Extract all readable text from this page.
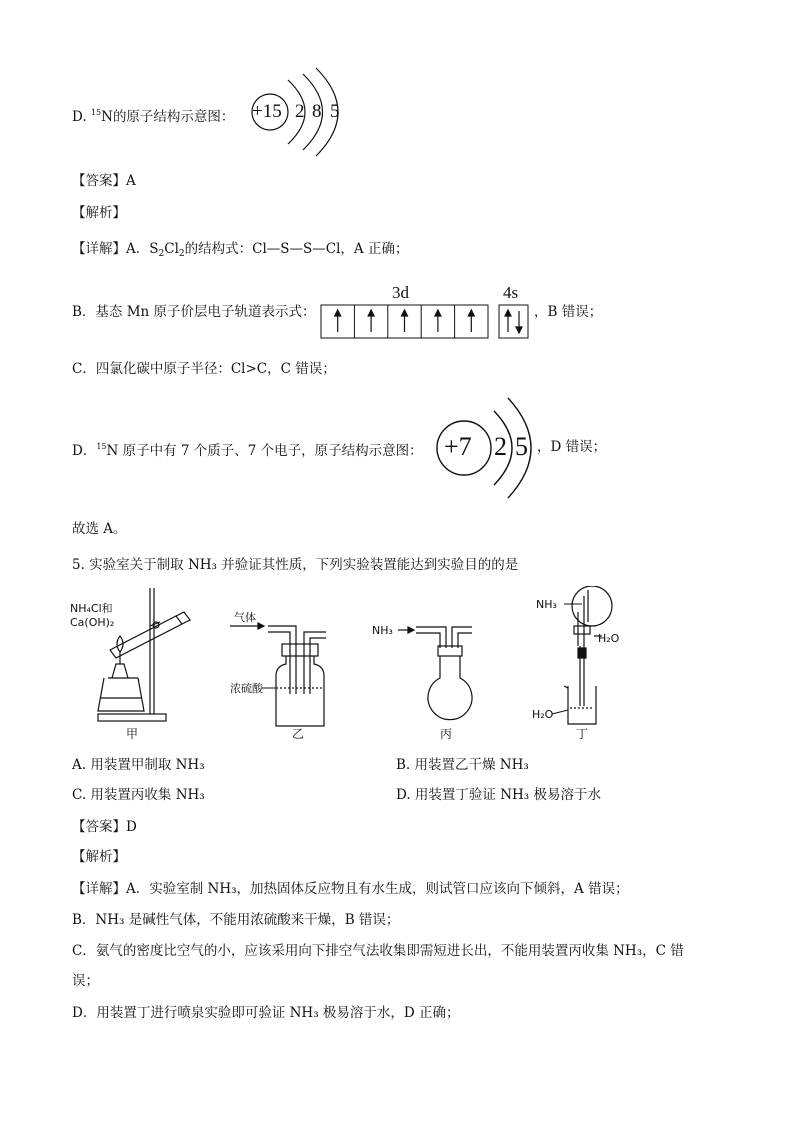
D. $^{15}$N的原子结构示意图： +15 2 8 5
【答案】A
【解析】
【详解】A．$S_2Cl_2$的结构式：Cl—S—S—Cl，A 正确；
B．基态 Mn 原子价层电子轨道表示式：
3d	4s
，B 错误；
C．四氯化碳中原子半径：Cl>C，C 错误；
D．$^{15}$N 原子中有 7 个质子、7 个电子，原子结构示意图： +7 2 5 ，D 错误；
故选 A。
5. 实验室关于制取 NH₃ 并验证其性质，下列实验装置能达到实验目的的是
NH₄Cl和
Ca(OH)₂
甲
气体
浓硫酸
乙
NH₃
丙
NH₃
H₂O
H₂O
丁
A. 用装置甲制取 NH₃	B. 用装置乙干燥 NH₃
C. 用装置丙收集 NH₃	D. 用装置丁验证 NH₃ 极易溶于水
【答案】D
【解析】
【详解】A．实验室制 NH₃，加热固体反应物且有水生成，则试管口应该向下倾斜，A 错误；
B．NH₃ 是碱性气体，不能用浓硫酸来干燥，B 错误；
C．氨气的密度比空气的小，应该采用向下排空气法收集即需短进长出，不能用装置丙收集 NH₃，C 错
误；
D．用装置丁进行喷泉实验即可验证 NH₃ 极易溶于水，D 正确；
